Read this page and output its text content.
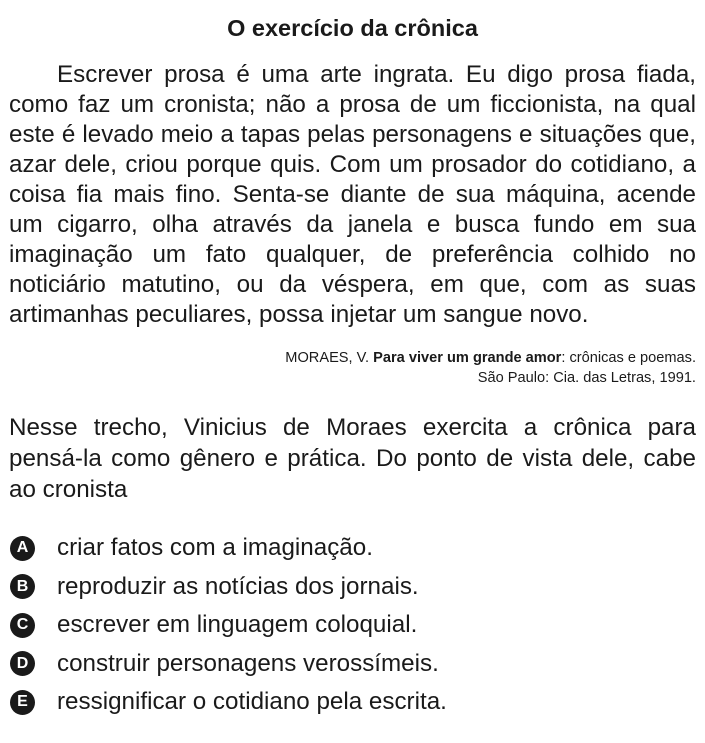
O exercício da crônica

Escrever prosa é uma arte ingrata. Eu digo prosa fiada, como faz um cronista; não a prosa de um ficcionista, na qual este é levado meio a tapas pelas personagens e situações que, azar dele, criou porque quis. Com um prosador do cotidiano, a coisa fia mais fino. Senta-se diante de sua máquina, acende um cigarro, olha através da janela e busca fundo em sua imaginação um fato qualquer, de preferência colhido no noticiário matutino, ou da véspera, em que, com as suas artimanhas peculiares, possa injetar um sangue novo.

MORAES, V. Para viver um grande amor: crônicas e poemas.
São Paulo: Cia. das Letras, 1991.

Nesse trecho, Vinicius de Moraes exercita a crônica para pensá-la como gênero e prática. Do ponto de vista dele, cabe ao cronista

A criar fatos com a imaginação.
B reproduzir as notícias dos jornais.
C escrever em linguagem coloquial.
D construir personagens verossímeis.
E ressignificar o cotidiano pela escrita.
